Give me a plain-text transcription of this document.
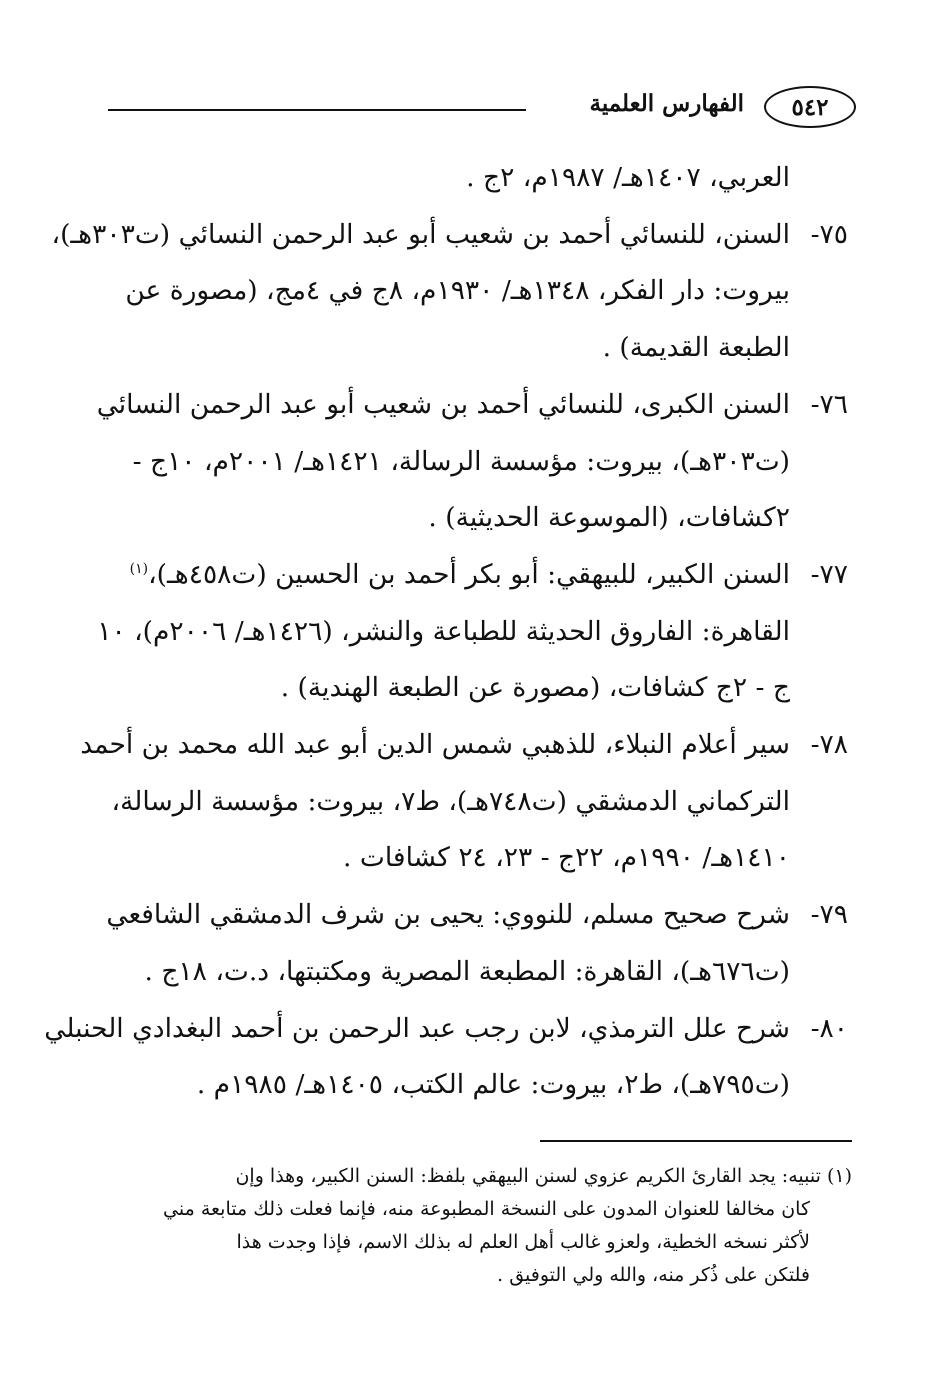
٥٤٢
الفهارس العلمية
العربي، ١٤٠٧هـ/ ١٩٨٧م، ٢ج .
٧٥-السنن، للنسائي أحمد بن شعيب أبو عبد الرحمن النسائي (ت٣٠٣هـ)،
بيروت: دار الفكر، ١٣٤٨هـ/ ١٩٣٠م، ٨ج في ٤مج، (مصورة عن
الطبعة القديمة) .
٧٦-السنن الكبرى، للنسائي أحمد بن شعيب أبو عبد الرحمن النسائي
(ت٣٠٣هـ)، بيروت: مؤسسة الرسالة، ١٤٢١هـ/ ٢٠٠١م، ١٠ج -
٢كشافات، (الموسوعة الحديثية) .
٧٧-السنن الكبير، للبيهقي: أبو بكر أحمد بن الحسين (ت٤٥٨هـ)،$^{(١)}$
القاهرة: الفاروق الحديثة للطباعة والنشر، (١٤٢٦هـ/ ٢٠٠٦م)، ١٠
ج - ٢ج كشافات، (مصورة عن الطبعة الهندية) .
٧٨-سير أعلام النبلاء، للذهبي شمس الدين أبو عبد الله محمد بن أحمد
التركماني الدمشقي (ت٧٤٨هـ)، ط٧، بيروت: مؤسسة الرسالة،
١٤١٠هـ/ ١٩٩٠م، ٢٢ج - ٢٣، ٢٤ كشافات .
٧٩-شرح صحيح مسلم، للنووي: يحيى بن شرف الدمشقي الشافعي
(ت٦٧٦هـ)، القاهرة: المطبعة المصرية ومكتبتها، د.ت، ١٨ج .
٨٠-شرح علل الترمذي، لابن رجب عبد الرحمن بن أحمد البغدادي الحنبلي
(ت٧٩٥هـ)، ط٢، بيروت: عالم الكتب، ١٤٠٥هـ/ ١٩٨٥م .
(١) تنبيه: يجد القارئ الكريم عزوي لسنن البيهقي بلفظ: السنن الكبير، وهذا وإن
كان مخالفا للعنوان المدون على النسخة المطبوعة منه، فإنما فعلت ذلك متابعة مني
لأكثر نسخه الخطية، ولعزو غالب أهل العلم له بذلك الاسم، فإذا وجدت هذا
فلتكن على ذُكر منه، والله ولي التوفيق .
